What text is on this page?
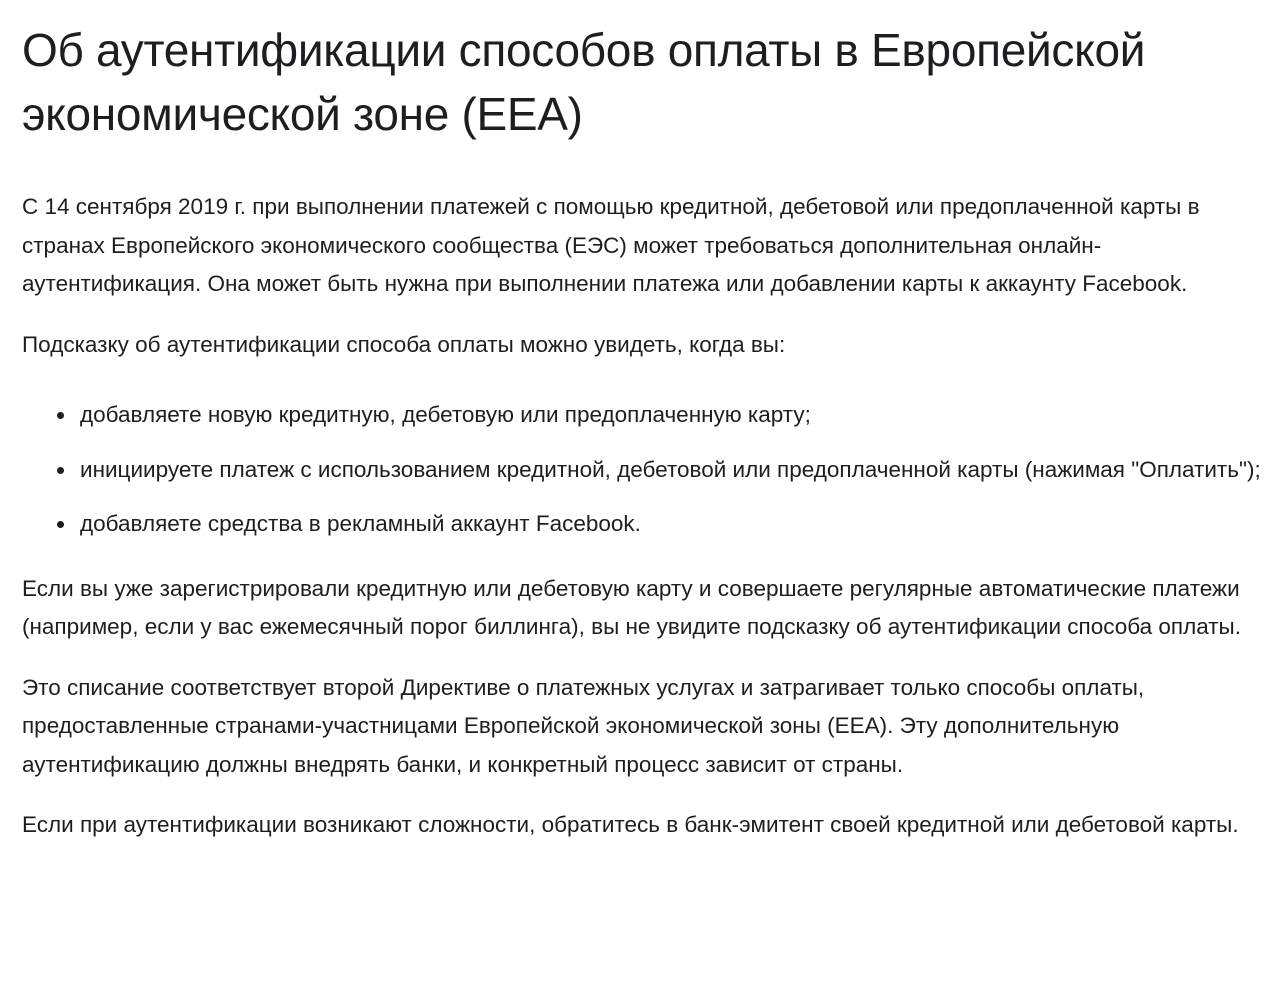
Об аутентификации способов оплаты в Европейской экономической зоне (EEA)

С 14 сентября 2019 г. при выполнении платежей с помощью кредитной, дебетовой или предоплаченной карты в странах Европейского экономического сообщества (ЕЭС) может требоваться дополнительная онлайн-аутентификация. Она может быть нужна при выполнении платежа или добавлении карты к аккаунту Facebook.

Подсказку об аутентификации способа оплаты можно увидеть, когда вы:

добавляете новую кредитную, дебетовую или предоплаченную карту;
инициируете платеж с использованием кредитной, дебетовой или предоплаченной карты (нажимая "Оплатить");
добавляете средства в рекламный аккаунт Facebook.

Если вы уже зарегистрировали кредитную или дебетовую карту и совершаете регулярные автоматические платежи (например, если у вас ежемесячный порог биллинга), вы не увидите подсказку об аутентификации способа оплаты.

Это списание соответствует второй Директиве о платежных услугах и затрагивает только способы оплаты, предоставленные странами-участницами Европейской экономической зоны (EEA). Эту дополнительную аутентификацию должны внедрять банки, и конкретный процесс зависит от страны.

Если при аутентификации возникают сложности, обратитесь в банк-эмитент своей кредитной или дебетовой карты.
